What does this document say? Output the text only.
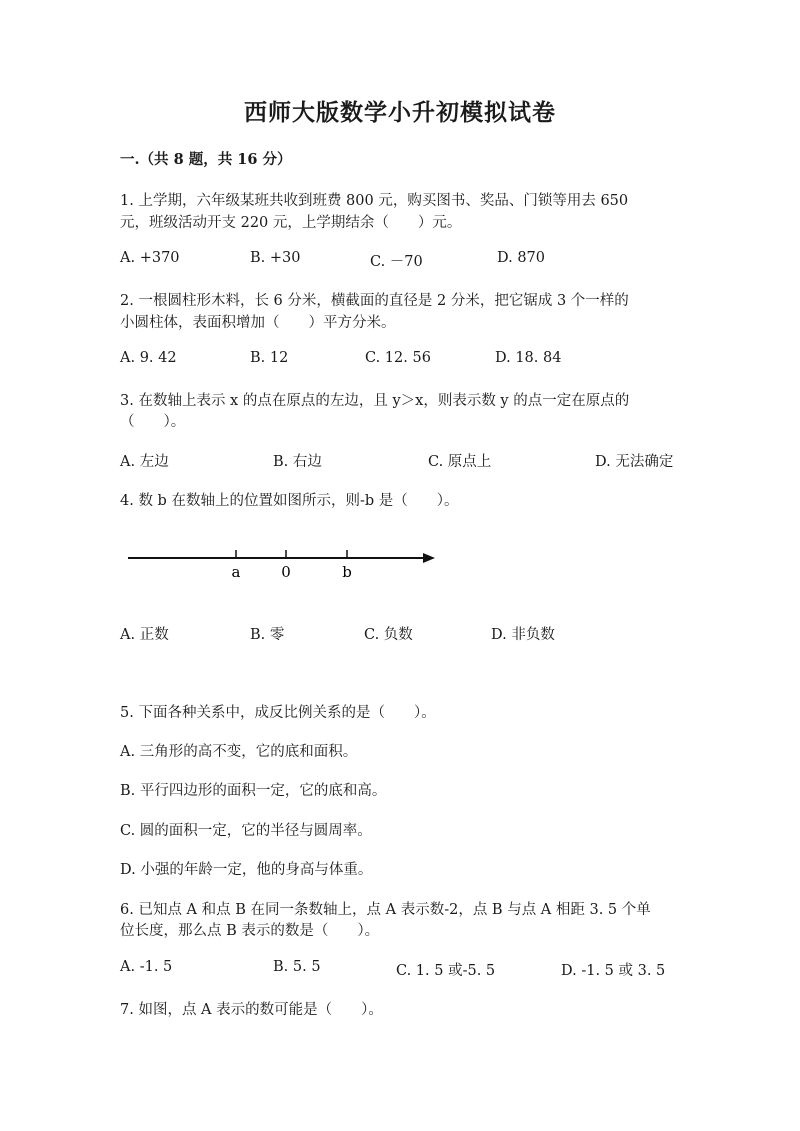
西师大版数学小升初模拟试卷
一.（共 8 题，共 16 分）
1. 上学期，六年级某班共收到班费 800 元，购买图书、奖品、门锁等用去 650
元，班级活动开支 220 元，上学期结余（　　）元。
A. +370	B. +30	C. －70	D. 870
2. 一根圆柱形木料，长 6 分米，横截面的直径是 2 分米，把它锯成 3 个一样的
小圆柱体，表面积增加（　　）平方分米。
A. 9. 42	B. 12	C. 12. 56	D. 18. 84
3. 在数轴上表示 x 的点在原点的左边，且 y＞x，则表示数 y 的点一定在原点的
（　　）。
A. 左边	B. 右边	C. 原点上	D. 无法确定
4. 数 b 在数轴上的位置如图所示，则-b 是（　　）。
a	0	b
A. 正数	B. 零	C. 负数	D. 非负数
5. 下面各种关系中，成反比例关系的是（　　）。
A. 三角形的高不变，它的底和面积。
B. 平行四边形的面积一定，它的底和高。
C. 圆的面积一定，它的半径与圆周率。
D. 小强的年龄一定，他的身高与体重。
6. 已知点 A 和点 B 在同一条数轴上，点 A 表示数-2，点 B 与点 A 相距 3. 5 个单
位长度，那么点 B 表示的数是（　　）。
A. -1. 5	B. 5. 5	C. 1. 5 或-5. 5	D. -1. 5 或 3. 5
7. 如图，点 A 表示的数可能是（　　）。
